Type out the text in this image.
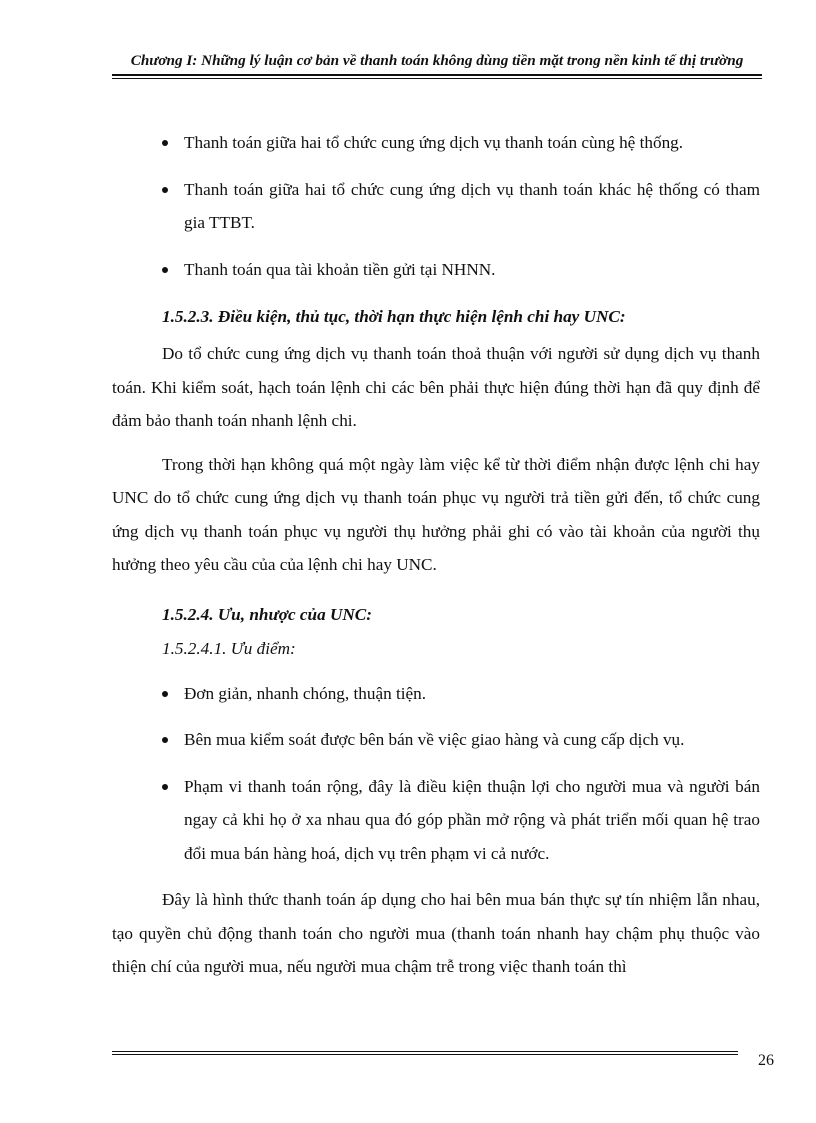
Chương I: Những lý luận cơ bản về thanh toán không dùng tiền mặt trong nền kinh tế thị trường
Thanh toán giữa hai tổ chức cung ứng dịch vụ thanh toán cùng hệ thống.
Thanh toán giữa hai tổ chức cung ứng dịch vụ thanh toán khác hệ thống có tham gia TTBT.
Thanh toán qua tài khoản tiền gửi tại NHNN.
1.5.2.3. Điều kiện, thủ tục, thời hạn thực hiện lệnh chi hay UNC:

Do tổ chức cung ứng dịch vụ thanh toán thoả thuận với người sử dụng dịch vụ thanh toán. Khi kiểm soát, hạch toán lệnh chi các bên phải thực hiện đúng thời hạn đã quy định để đảm bảo thanh toán nhanh lệnh chi.

Trong thời hạn không quá một ngày làm việc kể từ thời điểm nhận được lệnh chi hay UNC do tổ chức cung ứng dịch vụ thanh toán phục vụ người trả tiền gửi đến, tổ chức cung ứng dịch vụ thanh toán phục vụ người thụ hưởng phải ghi có vào tài khoản của người thụ hưởng theo yêu cầu của của lệnh chi hay UNC.

1.5.2.4. Ưu, nhược của UNC:
1.5.2.4.1. Ưu điểm:
Đơn giản, nhanh chóng, thuận tiện.
Bên mua kiểm soát được bên bán về việc giao hàng và cung cấp dịch vụ.
Phạm vi thanh toán rộng, đây là điều kiện thuận lợi cho người mua và người bán ngay cả khi họ ở xa nhau qua đó góp phần mở rộng và phát triển mối quan hệ trao đổi mua bán hàng hoá, dịch vụ trên phạm vi cả nước.

Đây là hình thức thanh toán áp dụng cho hai bên mua bán thực sự tín nhiệm lẫn nhau, tạo quyền chủ động thanh toán cho người mua (thanh toán nhanh hay chậm phụ thuộc vào thiện chí của người mua, nếu người mua chậm trễ trong việc thanh toán thì

26
